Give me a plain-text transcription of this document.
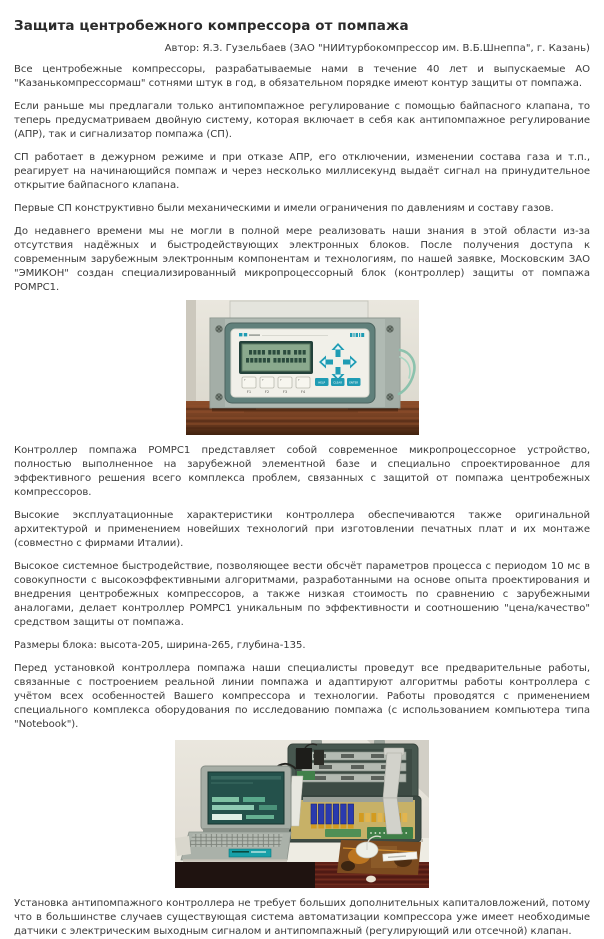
Защита центробежного компрессора от помпажа

Автор: Я.З. Гузельбаев (ЗАО "НИИтурбокомпрессор им. В.Б.Шнеппа", г. Казань)

Все центробежные компрессоры, разрабатываемые нами в течение 40 лет и выпускаемые АО "Казанькомпрессормаш" сотнями штук в год, в обязательном порядке имеют контур защиты от помпажа.

Если раньше мы предлагали только антипомпажное регулирование с помощью байпасного клапана, то теперь предусматриваем двойную систему, которая включает в себя как антипомпажное регулирование (АПР), так и сигнализатор помпажа (СП).

СП работает в дежурном режиме и при отказе АПР, его отключении, изменении состава газа и т.п., реагирует на начинающийся помпаж и через несколько миллисекунд выдаёт сигнал на принудительное открытие байпасного клапана.

Первые СП конструктивно были механическими и имели ограничения по давлениям и составу газов.

До недавнего времени мы не могли в полной мере реализовать наши знания в этой области из-за отсутствия надёжных и быстродействующих электронных блоков. После получения доступа к современным зарубежным электронным компонентам и технологиям, по нашей заявке, Московским ЗАО "ЭМИКОН" создан специализированный микропроцессорный блок (контроллер) защиты от помпажа POMPC1.

F	F	F	F
F1	F2	F3	F4
HELP	CLEAR	ENTER

Контроллер помпажа POMPC1 представляет собой современное микропроцессорное устройство, полностью выполненное на зарубежной элементной базе и специально спроектированное для эффективного решения всего комплекса проблем, связанных с защитой от помпажа центробежных компрессоров.

Высокие эксплуатационные характеристики контроллера обеспечиваются также оригинальной архитектурой и применением новейших технологий при изготовлении печатных плат и их монтаже (совместно с фирмами Италии).

Высокое системное быстродействие, позволяющее вести обсчёт параметров процесса с периодом 10 мс в совокупности с высокоэффективными алгоритмами, разработанными на основе опыта проектирования и внедрения центробежных компрессоров, а также низкая стоимость по сравнению с зарубежными аналогами, делает контроллер POMPC1 уникальным по эффективности и соотношению "цена/качество" средством защиты от помпажа.

Размеры блока: высота-205, ширина-265, глубина-135.

Перед установкой контроллера помпажа наши специалисты проведут все предварительные работы, связанные с построением реальной линии помпажа и адаптируют алгоритмы работы контроллера с учётом всех особенностей Вашего компрессора и технологии. Работы проводятся с применением специального комплекса оборудования по исследованию помпажа (с использованием компьютера типа "Notebook").

Установка антипомпажного контроллера не требует больших дополнительных капиталовложений, потому что в большинстве случаев существующая система автоматизации компрессора уже имеет необходимые датчики с электрическим выходным сигналом и антипомпажный (регулирующий или отсечной) клапан.
